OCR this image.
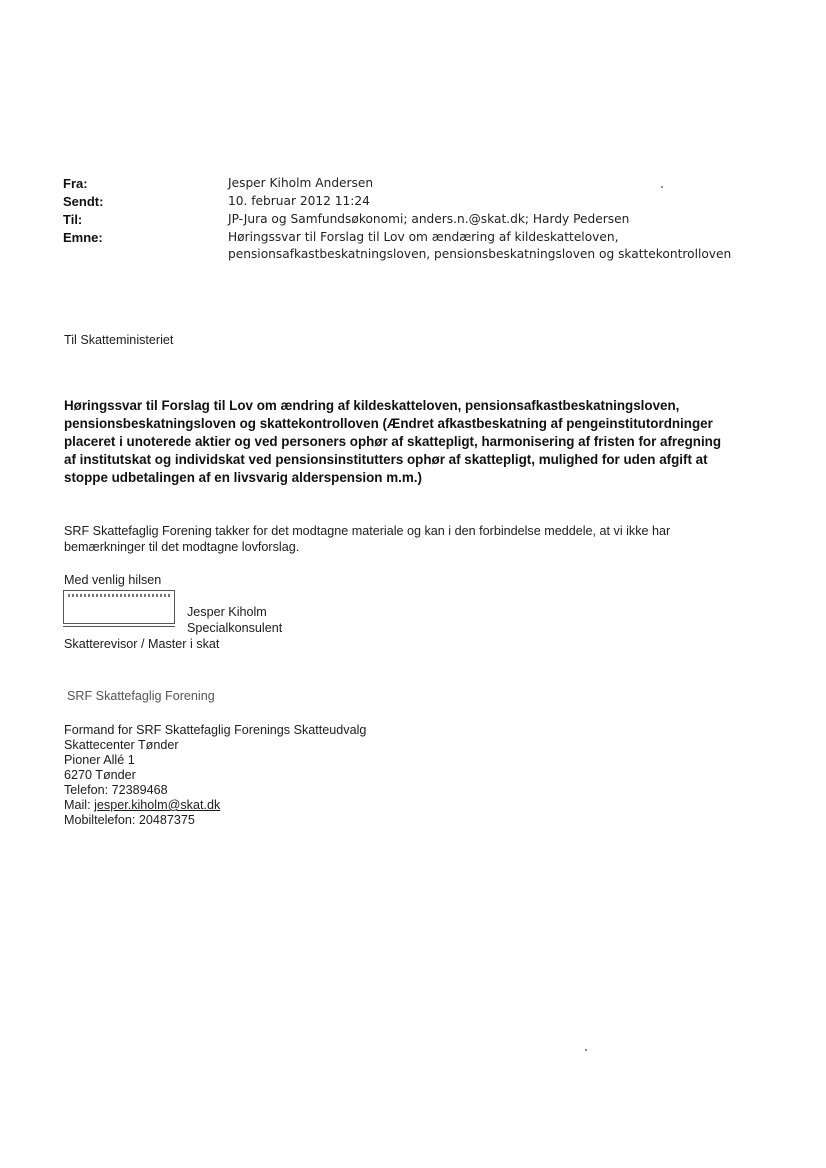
Fra:	Jesper Kiholm Andersen
Sendt:	10. februar 2012 11:24
Til:	JP-Jura og Samfundsøkonomi; anders.n.@skat.dk; Hardy Pedersen
Emne:	Høringssvar til Forslag til Lov om ændæring af kildeskatteloven,
pensionsafkastbeskatningsloven, pensionsbeskatningsloven og skattekontrolloven
Til Skatteministeriet
Høringssvar til Forslag til Lov om ændring af kildeskatteloven, pensionsafkastbeskatningsloven,
pensionsbeskatningsloven og skattekontrolloven (Ændret afkastbeskatning af pengeinstitutordninger
placeret i unoterede aktier og ved personers ophør af skattepligt, harmonisering af fristen for afregning
af institutskat og individskat ved pensionsinstitutters ophør af skattepligt, mulighed for uden afgift at
stoppe udbetalingen af en livsvarig alderspension m.m.)
SRF Skattefaglig Forening takker for det modtagne materiale og kan i den forbindelse meddele, at vi ikke har
bemærkninger til det modtagne lovforslag.
Med venlig hilsen
Jesper Kiholm
Specialkonsulent
Skatterevisor / Master i skat
SRF Skattefaglig Forening
Formand for SRF Skattefaglig Forenings Skatteudvalg
Skattecenter Tønder
Pioner Allé 1
6270 Tønder
Telefon: 72389468
Mail: jesper.kiholm@skat.dk
Mobiltelefon: 20487375
